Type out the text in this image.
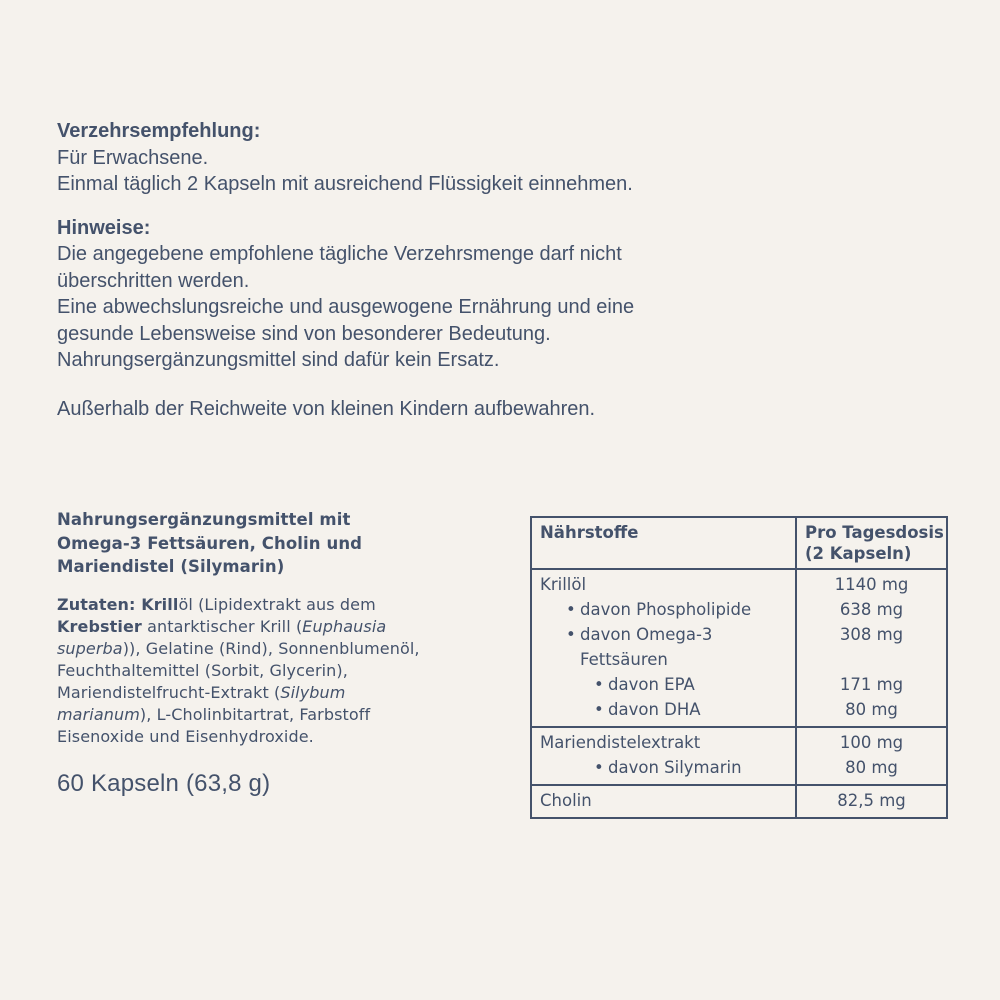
Verzehrsempfehlung:
Für Erwachsene.
Einmal täglich 2 Kapseln mit ausreichend Flüssigkeit einnehmen.
Hinweise:
Die angegebene empfohlene tägliche Verzehrsmenge darf nicht
überschritten werden.
Eine abwechslungsreiche und ausgewogene Ernährung und eine
gesunde Lebensweise sind von besonderer Bedeutung.
Nahrungsergänzungsmittel sind dafür kein Ersatz.
Außerhalb der Reichweite von kleinen Kindern aufbewahren.
Nahrungsergänzungsmittel mit
Omega-3 Fettsäuren, Cholin und
Mariendistel (Silymarin)
Zutaten: Krillöl (Lipidextrakt aus dem
Krebstier antarktischer Krill (Euphausia
superba)), Gelatine (Rind), Sonnenblumenöl,
Feuchthaltemittel (Sorbit, Glycerin),
Mariendistelfrucht-Extrakt (Silybum
marianum), L-Cholinbitartrat, Farbstoff
Eisenoxide und Eisenhydroxide.
60 Kapseln (63,8 g)
Nährstoffe	Pro Tagesdosis
(2 Kapseln)
Krillöl
• davon Phospholipide
• davon Omega-3
Fettsäuren
• davon EPA
• davon DHA
1140 mg
638 mg
308 mg

171 mg
80 mg
Mariendistelextrakt
• davon Silymarin
100 mg
80 mg
Cholin	82,5 mg
